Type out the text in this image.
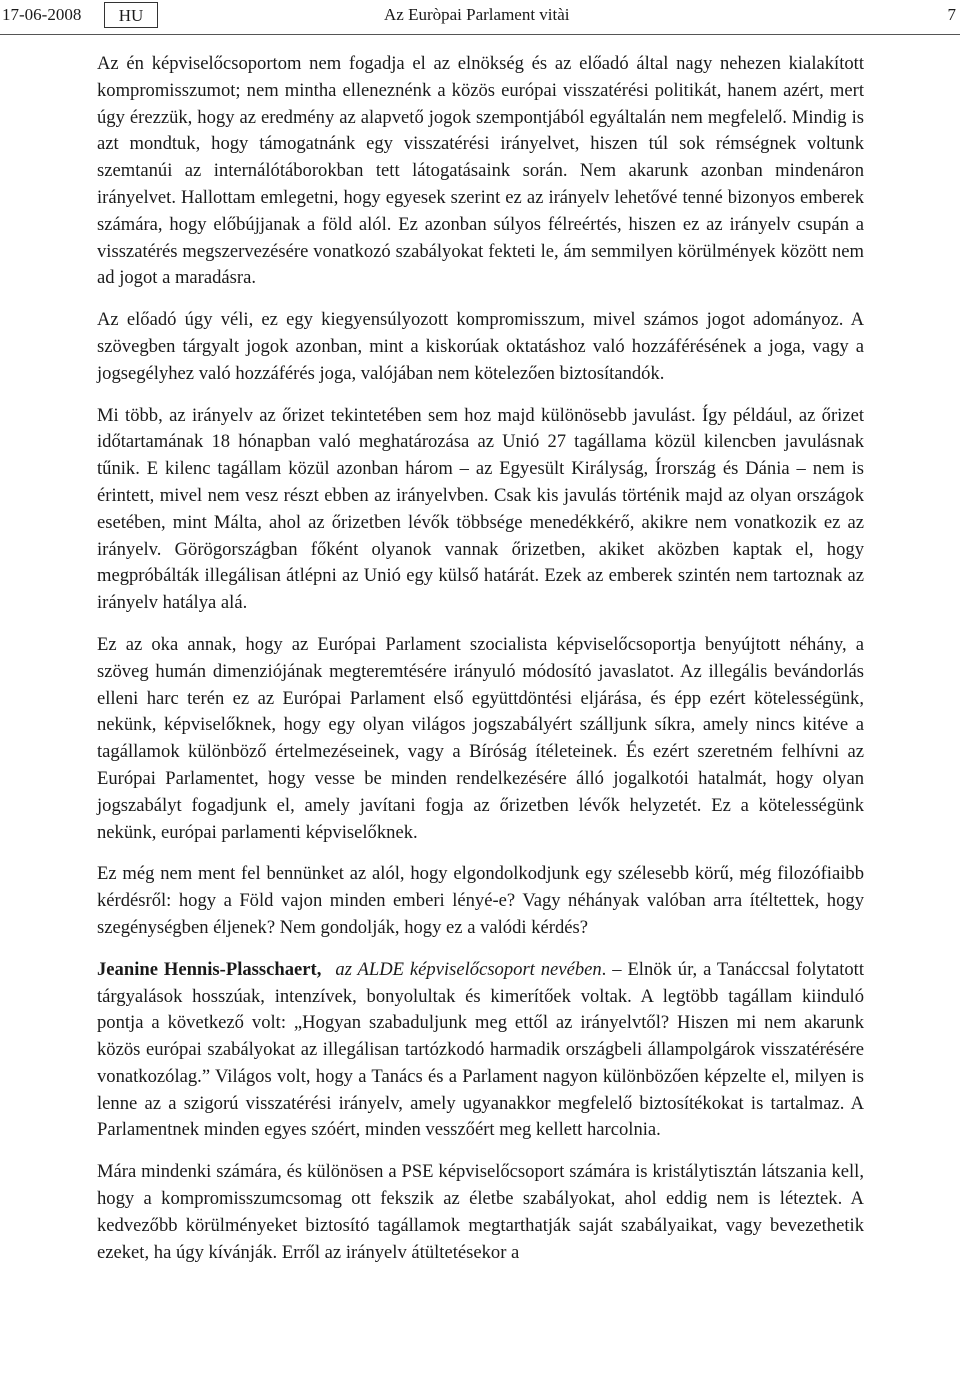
17-06-2008	HU	Az Euròpai Parlament vitài	7

Az én képviselőcsoportom nem fogadja el az elnökség és az előadó által nagy nehezen kialakított kompromisszumot; nem mintha elleneznénk a közös európai visszatérési politikát, hanem azért, mert úgy érezzük, hogy az eredmény az alapvető jogok szempontjából egyáltalán nem megfelelő. Mindig is azt mondtuk, hogy támogatnánk egy visszatérési irányelvet, hiszen túl sok rémségnek voltunk szemtanúi az internálótáborokban tett látogatásaink során. Nem akarunk azonban mindenáron irányelvet. Hallottam emlegetni, hogy egyesek szerint ez az irányelv lehetővé tenné bizonyos emberek számára, hogy előbújjanak a föld alól. Ez azonban súlyos félreértés, hiszen ez az irányelv csupán a visszatérés megszervezésére vonatkozó szabályokat fekteti le, ám semmilyen körülmények között nem ad jogot a maradásra.

Az előadó úgy véli, ez egy kiegyensúlyozott kompromisszum, mivel számos jogot adományoz. A szövegben tárgyalt jogok azonban, mint a kiskorúak oktatáshoz való hozzáférésének a joga, vagy a jogsegélyhez való hozzáférés joga, valójában nem kötelezően biztosítandók.

Mi több, az irányelv az őrizet tekintetében sem hoz majd különösebb javulást. Így például, az őrizet időtartamának 18 hónapban való meghatározása az Unió 27 tagállama közül kilencben javulásnak tűnik. E kilenc tagállam közül azonban három – az Egyesült Királyság, Írország és Dánia – nem is érintett, mivel nem vesz részt ebben az irányelvben. Csak kis javulás történik majd az olyan országok esetében, mint Málta, ahol az őrizetben lévők többsége menedékkérő, akikre nem vonatkozik ez az irányelv. Görögországban főként olyanok vannak őrizetben, akiket aközben kaptak el, hogy megpróbálták illegálisan átlépni az Unió egy külső határát. Ezek az emberek szintén nem tartoznak az irányelv hatálya alá.

Ez az oka annak, hogy az Európai Parlament szocialista képviselőcsoportja benyújtott néhány, a szöveg humán dimenziójának megteremtésére irányuló módosító javaslatot. Az illegális bevándorlás elleni harc terén ez az Európai Parlament első együttdöntési eljárása, és épp ezért kötelességünk, nekünk, képviselőknek, hogy egy olyan világos jogszabályért szálljunk síkra, amely nincs kitéve a tagállamok különböző értelmezéseinek, vagy a Bíróság ítéleteinek. És ezért szeretném felhívni az Európai Parlamentet, hogy vesse be minden rendelkezésére álló jogalkotói hatalmát, hogy olyan jogszabályt fogadjunk el, amely javítani fogja az őrizetben lévők helyzetét. Ez a kötelességünk nekünk, európai parlamenti képviselőknek.

Ez még nem ment fel bennünket az alól, hogy elgondolkodjunk egy szélesebb körű, még filozófiaibb kérdésről: hogy a Föld vajon minden emberi lényé-e? Vagy néhányak valóban arra ítéltettek, hogy szegénységben éljenek? Nem gondolják, hogy ez a valódi kérdés?

Jeanine Hennis-Plasschaert, az ALDE képviselőcsoport nevében. – Elnök úr, a Tanáccsal folytatott tárgyalások hosszúak, intenzívek, bonyolultak és kimerítőek voltak. A legtöbb tagállam kiinduló pontja a következő volt: „Hogyan szabaduljunk meg ettől az irányelvtől? Hiszen mi nem akarunk közös európai szabályokat az illegálisan tartózkodó harmadik országbeli állampolgárok visszatérésére vonatkozólag.” Világos volt, hogy a Tanács és a Parlament nagyon különbözően képzelte el, milyen is lenne az a szigorú visszatérési irányelv, amely ugyanakkor megfelelő biztosítékokat is tartalmaz. A Parlamentnek minden egyes szóért, minden vesszőért meg kellett harcolnia.

Mára mindenki számára, és különösen a PSE képviselőcsoport számára is kristálytisztán látszania kell, hogy a kompromisszumcsomag ott fekszik az életbe szabályokat, ahol eddig nem is léteztek. A kedvezőbb körülményeket biztosító tagállamok megtarthatják saját szabályaikat, vagy bevezethetik ezeket, ha úgy kívánják. Erről az irányelv átültetésekor a
